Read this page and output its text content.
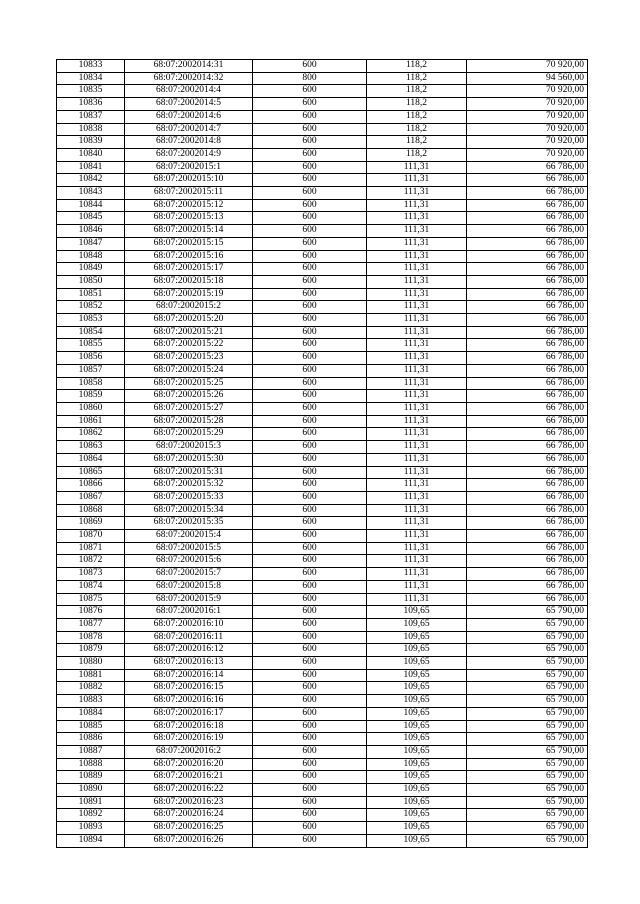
10833	68:07:2002014:31	600	118,2	70 920,00
10834	68:07:2002014:32	800	118,2	94 560,00
10835	68:07:2002014:4	600	118,2	70 920,00
10836	68:07:2002014:5	600	118,2	70 920,00
10837	68:07:2002014:6	600	118,2	70 920,00
10838	68:07:2002014:7	600	118,2	70 920,00
10839	68:07:2002014:8	600	118,2	70 920,00
10840	68:07:2002014:9	600	118,2	70 920,00
10841	68:07:2002015:1	600	111,31	66 786,00
10842	68:07:2002015:10	600	111,31	66 786,00
10843	68:07:2002015:11	600	111,31	66 786,00
10844	68:07:2002015:12	600	111,31	66 786,00
10845	68:07:2002015:13	600	111,31	66 786,00
10846	68:07:2002015:14	600	111,31	66 786,00
10847	68:07:2002015:15	600	111,31	66 786,00
10848	68:07:2002015:16	600	111,31	66 786,00
10849	68:07:2002015:17	600	111,31	66 786,00
10850	68:07:2002015:18	600	111,31	66 786,00
10851	68:07:2002015:19	600	111,31	66 786,00
10852	68:07:2002015:2	600	111,31	66 786,00
10853	68:07:2002015:20	600	111,31	66 786,00
10854	68:07:2002015:21	600	111,31	66 786,00
10855	68:07:2002015:22	600	111,31	66 786,00
10856	68:07:2002015:23	600	111,31	66 786,00
10857	68:07:2002015:24	600	111,31	66 786,00
10858	68:07:2002015:25	600	111,31	66 786,00
10859	68:07:2002015:26	600	111,31	66 786,00
10860	68:07:2002015:27	600	111,31	66 786,00
10861	68:07:2002015:28	600	111,31	66 786,00
10862	68:07:2002015:29	600	111,31	66 786,00
10863	68:07:2002015:3	600	111,31	66 786,00
10864	68:07:2002015:30	600	111,31	66 786,00
10865	68:07:2002015:31	600	111,31	66 786,00
10866	68:07:2002015:32	600	111,31	66 786,00
10867	68:07:2002015:33	600	111,31	66 786,00
10868	68:07:2002015:34	600	111,31	66 786,00
10869	68:07:2002015:35	600	111,31	66 786,00
10870	68:07:2002015:4	600	111,31	66 786,00
10871	68:07:2002015:5	600	111,31	66 786,00
10872	68:07:2002015:6	600	111,31	66 786,00
10873	68:07:2002015:7	600	111,31	66 786,00
10874	68:07:2002015:8	600	111,31	66 786,00
10875	68:07:2002015:9	600	111,31	66 786,00
10876	68:07:2002016:1	600	109,65	65 790,00
10877	68:07:2002016:10	600	109,65	65 790,00
10878	68:07:2002016:11	600	109,65	65 790,00
10879	68:07:2002016:12	600	109,65	65 790,00
10880	68:07:2002016:13	600	109,65	65 790,00
10881	68:07:2002016:14	600	109,65	65 790,00
10882	68:07:2002016:15	600	109,65	65 790,00
10883	68:07:2002016:16	600	109,65	65 790,00
10884	68:07:2002016:17	600	109,65	65 790,00
10885	68:07:2002016:18	600	109,65	65 790,00
10886	68:07:2002016:19	600	109,65	65 790,00
10887	68:07:2002016:2	600	109,65	65 790,00
10888	68:07:2002016:20	600	109,65	65 790,00
10889	68:07:2002016:21	600	109,65	65 790,00
10890	68:07:2002016:22	600	109,65	65 790,00
10891	68:07:2002016:23	600	109,65	65 790,00
10892	68:07:2002016:24	600	109,65	65 790,00
10893	68:07:2002016:25	600	109,65	65 790,00
10894	68:07:2002016:26	600	109,65	65 790,00
